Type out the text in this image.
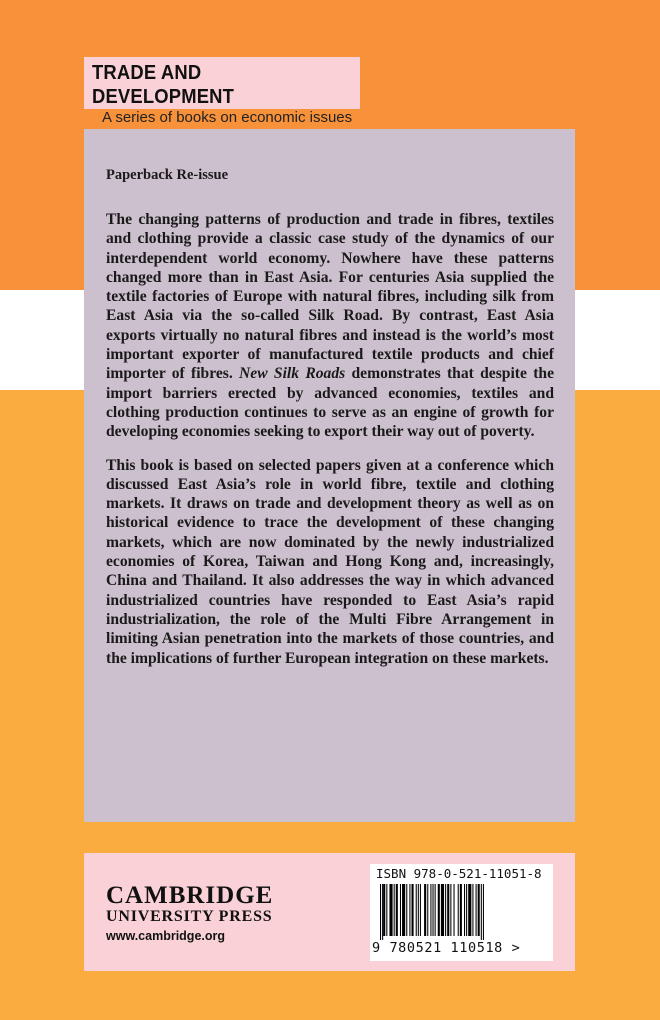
TRADE AND DEVELOPMENT
A series of books on economic issues

Paperback Re-issue

The changing patterns of production and trade in fibres, textiles and clothing provide a classic case study of the dynamics of our interdependent world economy. Nowhere have these patterns changed more than in East Asia. For centuries Asia supplied the textile factories of Europe with natural fibres, including silk from East Asia via the so-called Silk Road. By contrast, East Asia exports virtually no natural fibres and instead is the world’s most important exporter of manufactured textile products and chief importer of fibres. New Silk Roads demonstrates that despite the import barriers erected by advanced economies, textiles and clothing production continues to serve as an engine of growth for developing economies seeking to export their way out of poverty.

This book is based on selected papers given at a conference which discussed East Asia’s role in world fibre, textile and clothing markets. It draws on trade and development theory as well as on historical evidence to trace the development of these changing markets, which are now dominated by the newly industrialized economies of Korea, Taiwan and Hong Kong and, increasingly, China and Thailand. It also addresses the way in which advanced industrialized countries have responded to East Asia’s rapid industrialization, the role of the Multi Fibre Arrangement in limiting Asian penetration into the markets of those countries, and the implications of further European integration on these markets.

CAMBRIDGE
UNIVERSITY PRESS
www.cambridge.org
ISBN 978-0-521-11051-8
9 780521 110518 >
